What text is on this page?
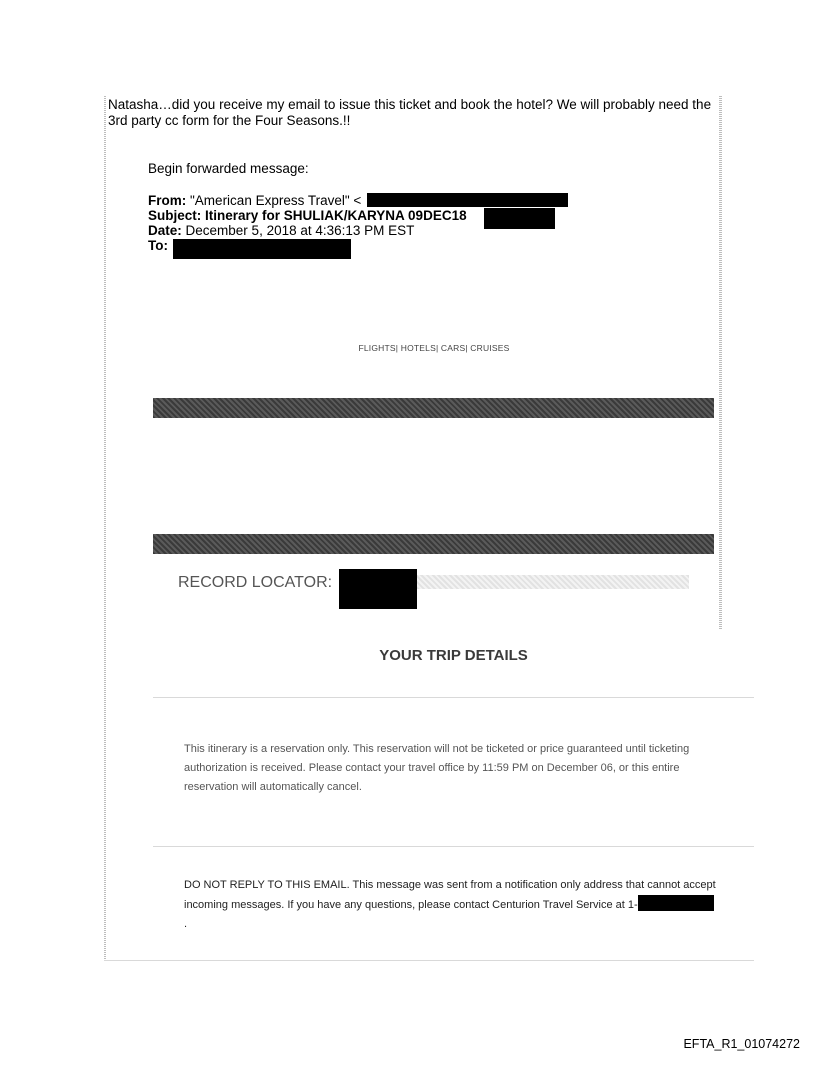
Natasha…did you receive my email to issue this ticket and book the hotel? We will probably need the 3rd party cc form for the Four Seasons.!!
Begin forwarded message:
From: "American Express Travel" <
Subject: Itinerary for SHULIAK/KARYNA 09DEC18
Date: December 5, 2018 at 4:36:13 PM EST
To:
FLIGHTS| HOTELS| CARS| CRUISES
RECORD LOCATOR:
YOUR TRIP DETAILS
This itinerary is a reservation only. This reservation will not be ticketed or price guaranteed until ticketing authorization is received. Please contact your travel office by 11:59 PM on December 06, or this entire reservation will automatically cancel.
DO NOT REPLY TO THIS EMAIL. This message was sent from a notification only address that cannot accept incoming messages. If you have any questions, please contact Centurion Travel Service at 1-.
EFTA_R1_01074272
